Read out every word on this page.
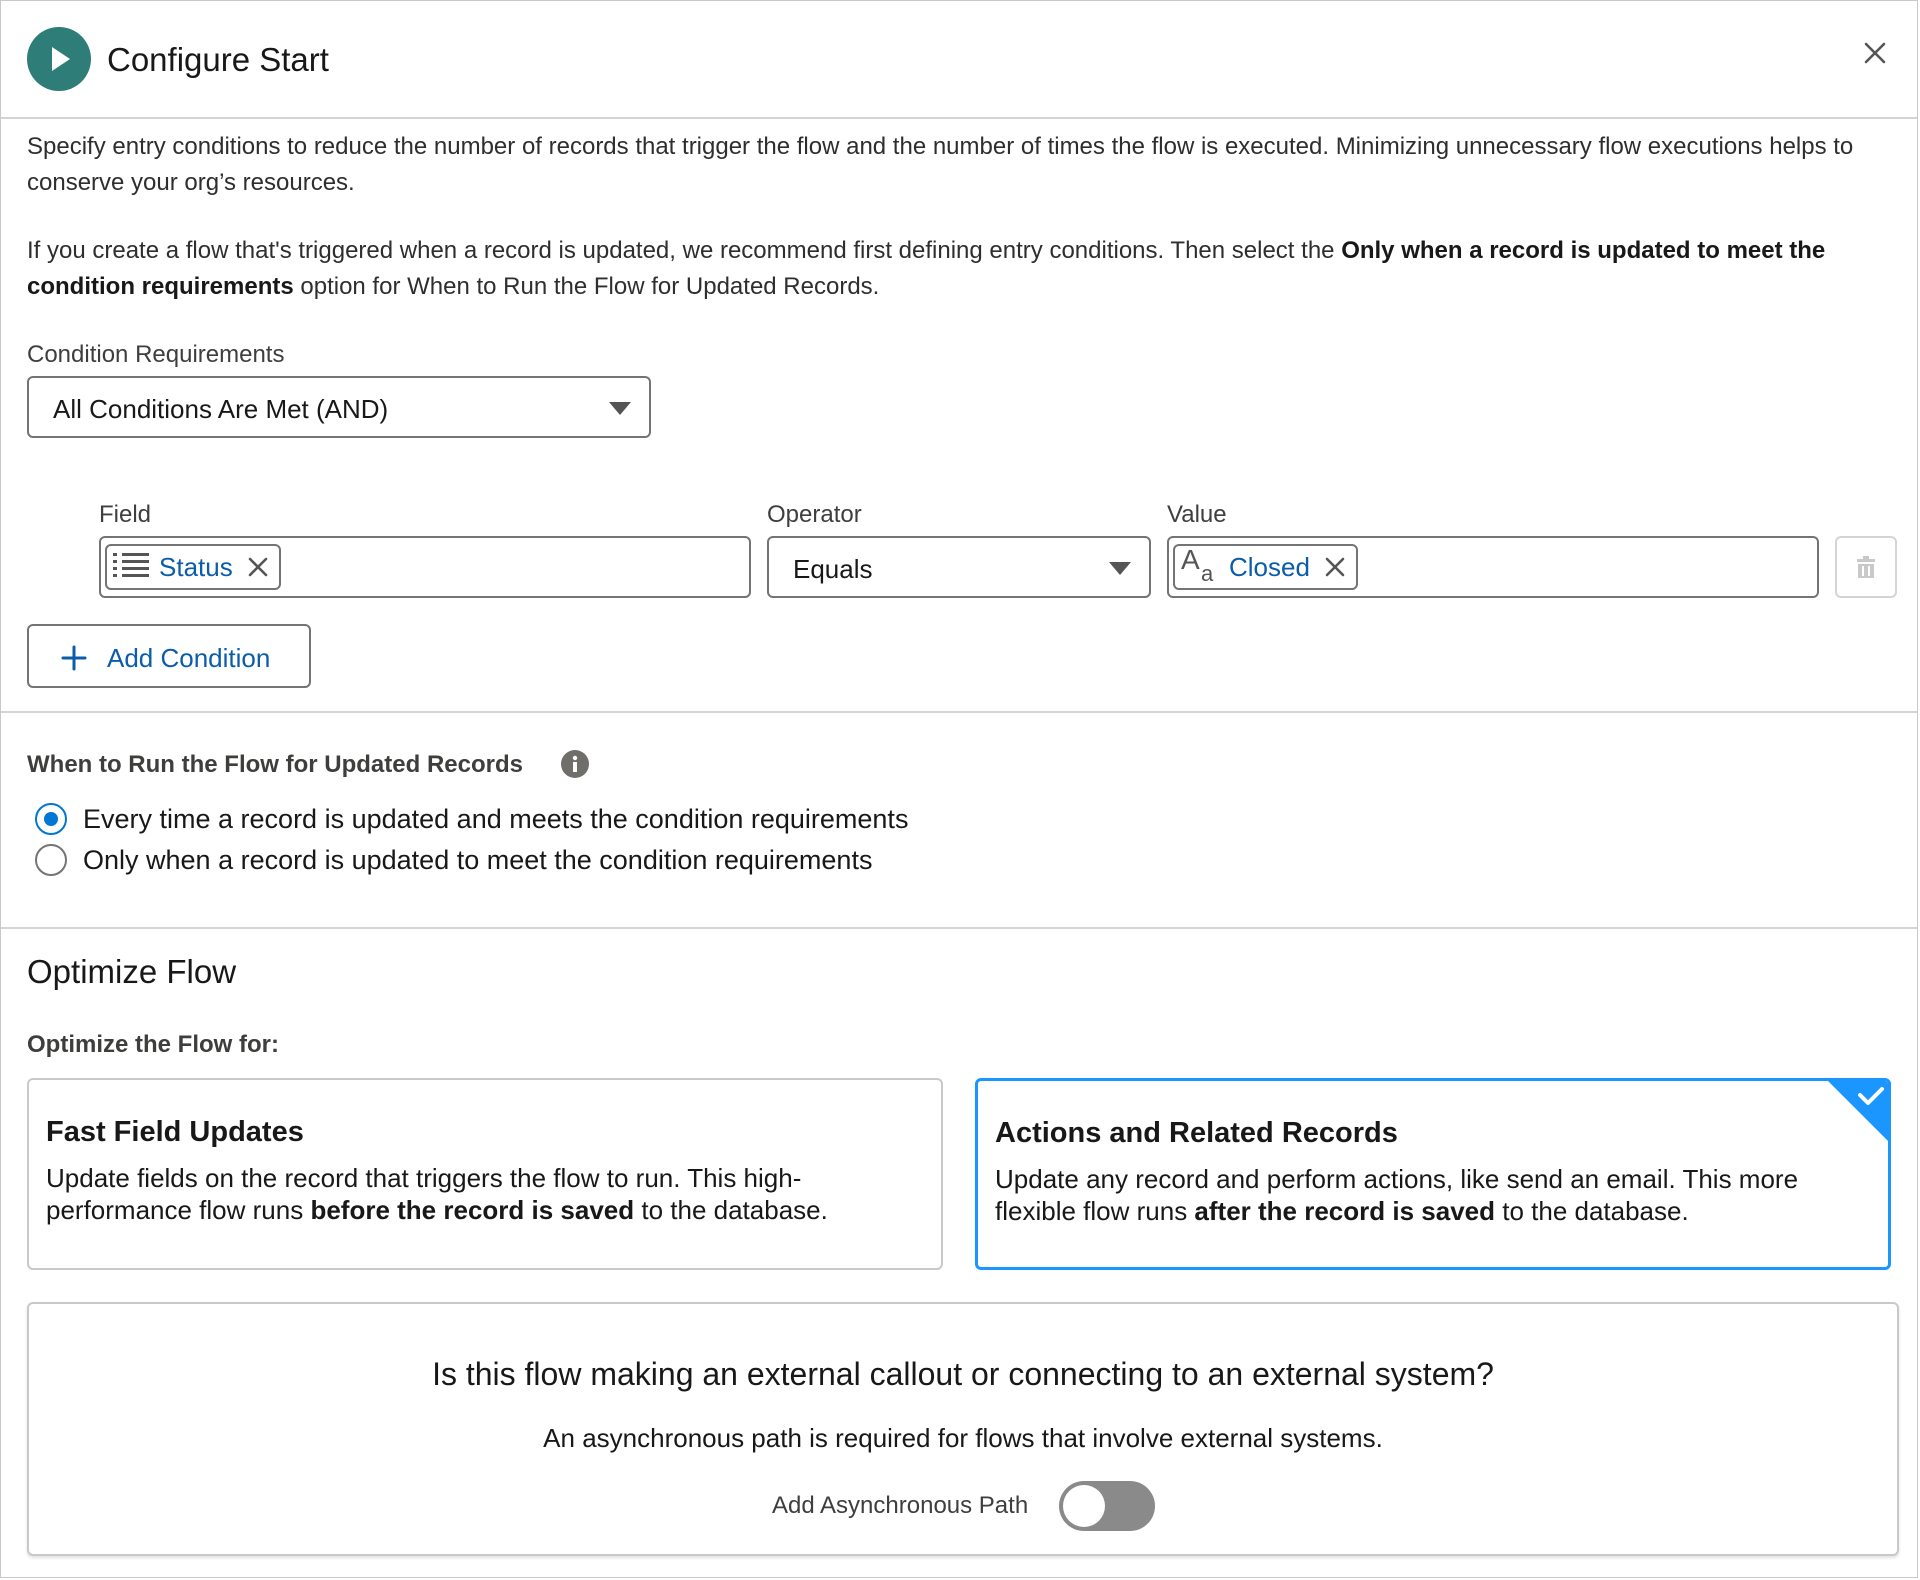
Configure Start
Specify entry conditions to reduce the number of records that trigger the flow and the number of times the flow is executed. Minimizing unnecessary flow executions helps to conserve your org’s resources.
If you create a flow that's triggered when a record is updated, we recommend first defining entry conditions. Then select the Only when a record is updated to meet the condition requirements option for When to Run the Flow for Updated Records.
Condition Requirements
All Conditions Are Met (AND)
Field	Operator	Value
Status	Equals	A a Closed
Add Condition
When to Run the Flow for Updated Records
Every time a record is updated and meets the condition requirements
Only when a record is updated to meet the condition requirements
Optimize Flow
Optimize the Flow for:
Fast Field Updates
Update fields on the record that triggers the flow to run. This high-performance flow runs before the record is saved to the database.
Actions and Related Records
Update any record and perform actions, like send an email. This more flexible flow runs after the record is saved to the database.
Is this flow making an external callout or connecting to an external system?
An asynchronous path is required for flows that involve external systems.
Add Asynchronous Path
